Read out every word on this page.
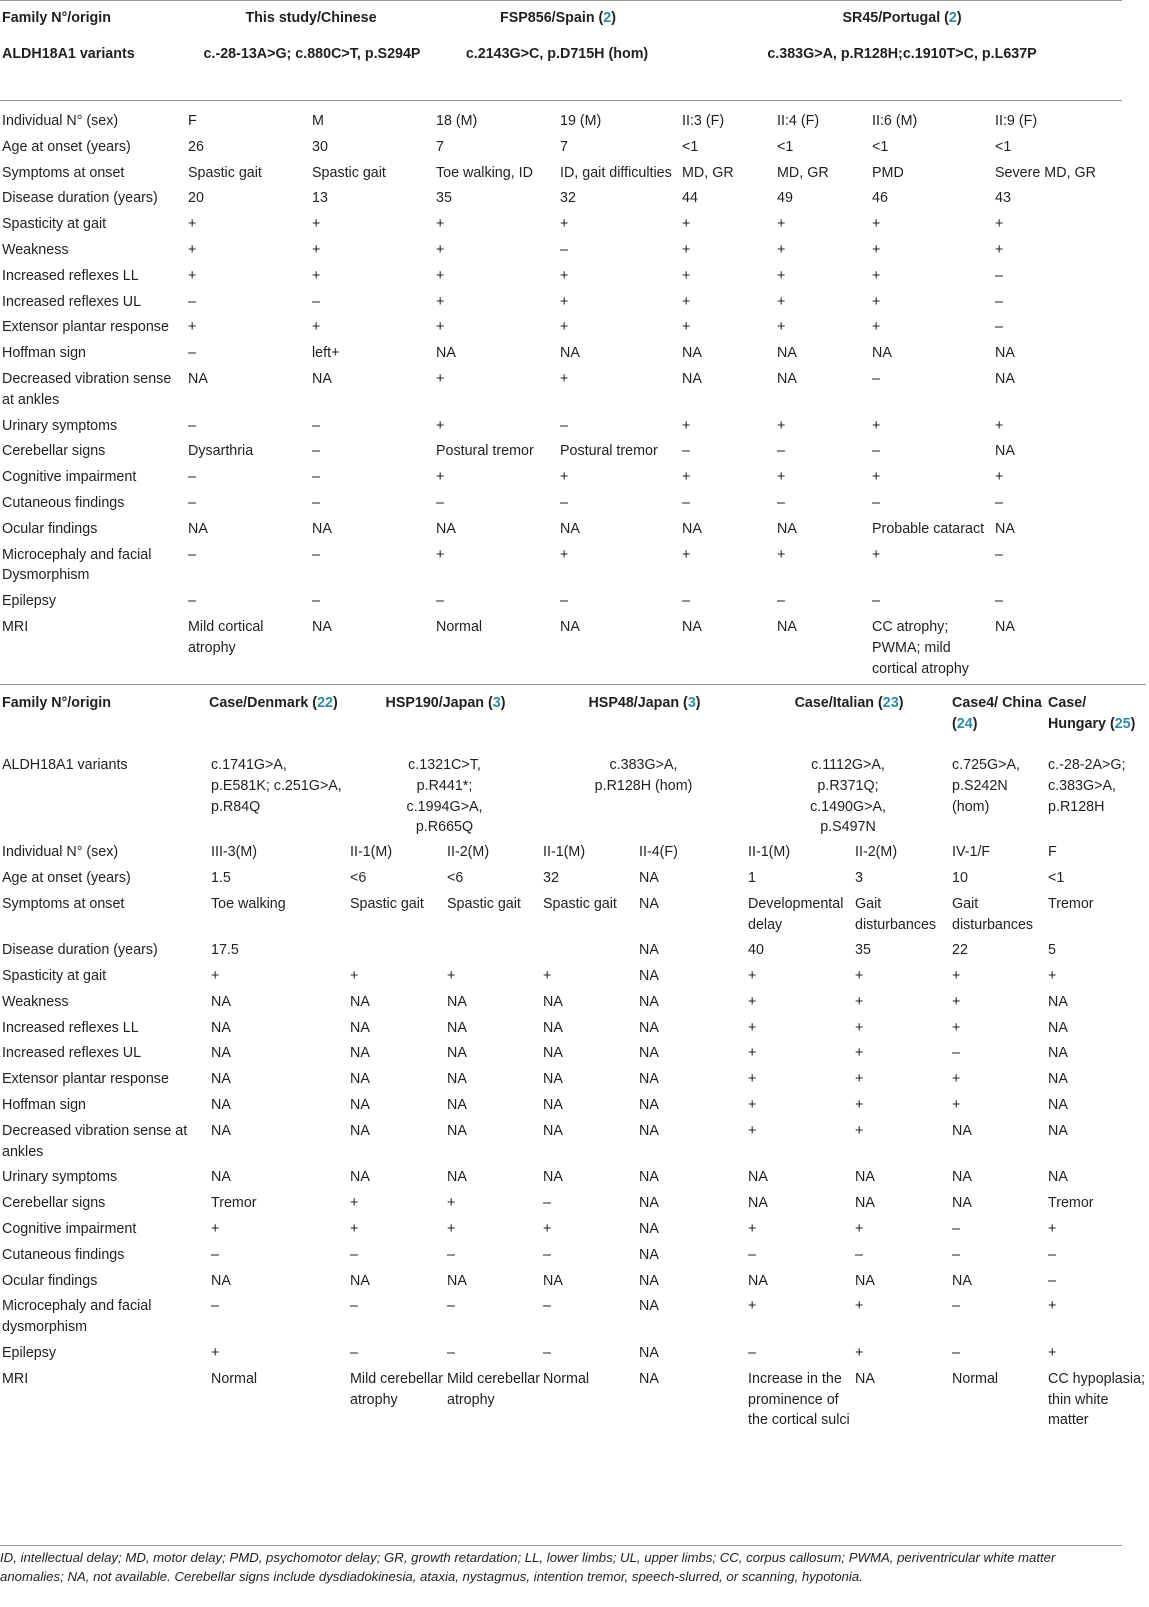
Family N°/origin	This study/Chinese		FSP856/Spain (2)		SR45/Portugal (2)			
ALDH18A1 variants	c.-28-13A>G; c.880C>T, p.S294P		c.2143G>C, p.D715H (hom)		c.383G>A, p.R128H;c.1910T>C, p.L637P			
Individual N° (sex)	F	M	18 (M)	19 (M)	II:3 (F)	II:4 (F)	II:6 (M)	II:9 (F)
Age at onset (years)	26	30	7	7	<1	<1	<1	<1
Symptoms at onset	Spastic gait	Spastic gait	Toe walking, ID	ID, gait difficulties	MD, GR	MD, GR	PMD	Severe MD, GR
Disease duration (years)	20	13	35	32	44	49	46	43
Spasticity at gait	+	+	+	+	+	+	+	+
Weakness	+	+	+	–	+	+	+	+
Increased reflexes LL	+	+	+	+	+	+	+	–
Increased reflexes UL	–	–	+	+	+	+	+	–
Extensor plantar response	+	+	+	+	+	+	+	–
Hoffman sign	–	left+	NA	NA	NA	NA	NA	NA
Decreased vibration sense at ankles	NA	NA	+	+	NA	NA	–	NA
Urinary symptoms	–	–	+	–	+	+	+	+
Cerebellar signs	Dysarthria	–	Postural tremor	Postural tremor	–	–	–	NA
Cognitive impairment	–	–	+	+	+	+	+	+
Cutaneous findings	–	–	–	–	–	–	–	–
Ocular findings	NA	NA	NA	NA	NA	NA	Probable cataract	NA
Microcephaly and facial Dysmorphism	–	–	+	+	+	+	+	–
Epilepsy	–	–	–	–	–	–	–	–
MRI	Mild cortical atrophy	NA	Normal	NA	NA	NA	CC atrophy; PWMA; mild cortical atrophy	NA
Family N°/origin	Case/Denmark (22)	HSP190/Japan (3)		HSP48/Japan (3)		Case/Italian (23)		Case4/ China (24)	Case/ Hungary (25)
ALDH18A1 variants	c.1741G>A, p.E581K; c.251G>A, p.R84Q	c.1321C>T, p.R441*; c.1994G>A, p.R665Q		c.383G>A, p.R128H (hom)		c.1112G>A, p.R371Q; c.1490G>A, p.S497N		c.725G>A, p.S242N (hom)	c.-28-2A>G; c.383G>A, p.R128H
Individual N° (sex)	III-3(M)	II-1(M)	II-2(M)	II-1(M)	II-4(F)	II-1(M)	II-2(M)	IV-1/F	F
Age at onset (years)	1.5	<6	<6	32	NA	1	3	10	<1
Symptoms at onset	Toe walking	Spastic gait	Spastic gait	Spastic gait	NA	Developmental delay	Gait disturbances	Gait disturbances	Tremor
Disease duration (years)	17.5				NA	40	35	22	5
Spasticity at gait	+	+	+	+	NA	+	+	+	+
Weakness	NA	NA	NA	NA	NA	+	+	+	NA
Increased reflexes LL	NA	NA	NA	NA	NA	+	+	+	NA
Increased reflexes UL	NA	NA	NA	NA	NA	+	+	–	NA
Extensor plantar response	NA	NA	NA	NA	NA	+	+	+	NA
Hoffman sign	NA	NA	NA	NA	NA	+	+	+	NA
Decreased vibration sense at ankles	NA	NA	NA	NA	NA	+	+	NA	NA
Urinary symptoms	NA	NA	NA	NA	NA	NA	NA	NA	NA
Cerebellar signs	Tremor	+	+	–	NA	NA	NA	NA	Tremor
Cognitive impairment	+	+	+	+	NA	+	+	–	+
Cutaneous findings	–	–	–	–	NA	–	–	–	–
Ocular findings	NA	NA	NA	NA	NA	NA	NA	NA	–
Microcephaly and facial dysmorphism	–	–	–	–	NA	+	+	–	+
Epilepsy	+	–	–	–	NA	–	+	–	+
MRI	Normal	Mild cerebellar atrophy	Mild cerebellar atrophy	Normal	NA	Increase in the prominence of the cortical sulci	NA	Normal	CC hypoplasia; thin white matter
ID, intellectual delay; MD, motor delay; PMD, psychomotor delay; GR, growth retardation; LL, lower limbs; UL, upper limbs; CC, corpus callosum; PWMA, periventricular white matter anomalies; NA, not available. Cerebellar signs include dysdiadokinesia, ataxia, nystagmus, intention tremor, speech-slurred, or scanning, hypotonia.
